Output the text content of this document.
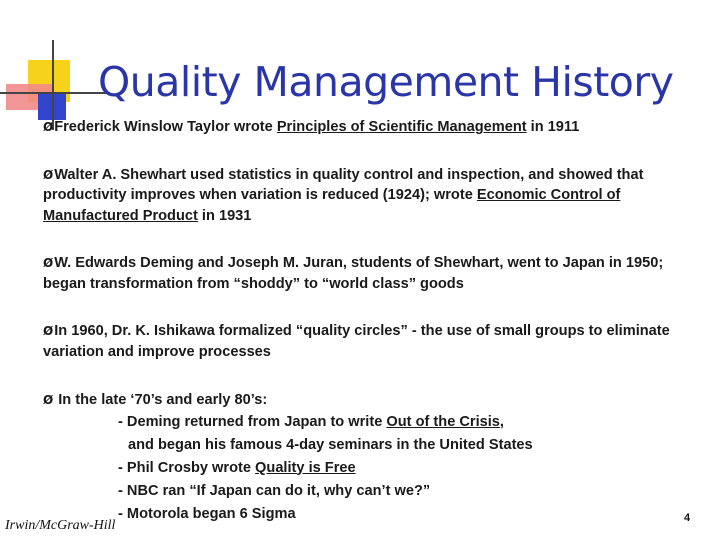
Quality Management History

ØFrederick Winslow Taylor wrote Principles of Scientific Management in 1911

ØWalter A. Shewhart used statistics in quality control and inspection, and showed that productivity improves when variation is reduced (1924); wrote Economic Control of Manufactured Product in 1931

ØW. Edwards Deming and Joseph M. Juran, students of Shewhart, went to Japan in 1950; began transformation from “shoddy” to “world class” goods

ØIn 1960, Dr. K. Ishikawa formalized “quality circles” - the use of small groups to eliminate variation and improve processes

Ø In the late ‘70’s and early 80’s:
- Deming returned from Japan to write Out of the Crisis,
and began his famous 4-day seminars in the United States
- Phil Crosby wrote Quality is Free
- NBC ran “If Japan can do it, why can’t we?”
- Motorola began 6 Sigma
Irwin/McGraw-Hill	4
